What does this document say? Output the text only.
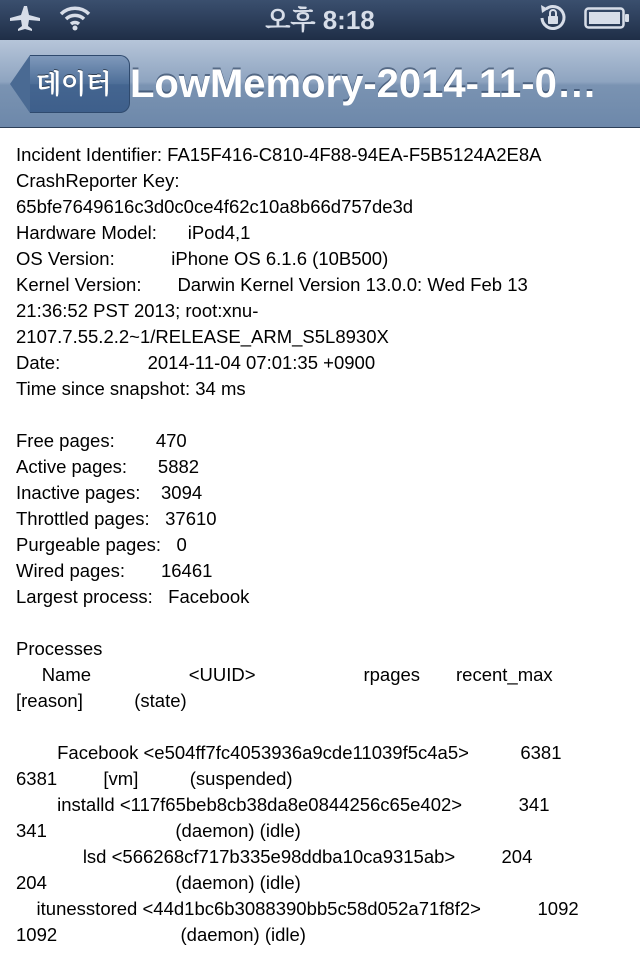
오후 8:18
데이터 LowMemory-2014-11-0…
Incident Identifier: FA15F416-C810-4F88-94EA-F5B5124A2E8A
CrashReporter Key:
65bfe7649616c3d0c0ce4f62c10a8b66d757de3d
Hardware Model:      iPod4,1
OS Version:           iPhone OS 6.1.6 (10B500)
Kernel Version:       Darwin Kernel Version 13.0.0: Wed Feb 13
21:36:52 PST 2013; root:xnu-
2107.7.55.2.2~1/RELEASE_ARM_S5L8930X
Date:                 2014-11-04 07:01:35 +0900
Time since snapshot: 34 ms
Free pages:        470
Active pages:      5882
Inactive pages:    3094
Throttled pages:   37610
Purgeable pages:   0
Wired pages:       16461
Largest process:   Facebook
Processes
Name                   <UUID>                     rpages       recent_max
[reason]          (state)
Facebook <e504ff7fc4053936a9cde11039f5c4a5>          6381
6381         [vm]          (suspended)
installd <117f65beb8cb38da8e0844256c65e402>           341
341                         (daemon) (idle)
lsd <566268cf717b335e98ddba10ca9315ab>         204
204                         (daemon) (idle)
itunesstored <44d1bc6b3088390bb5c58d052a71f8f2>           1092
1092                        (daemon) (idle)
